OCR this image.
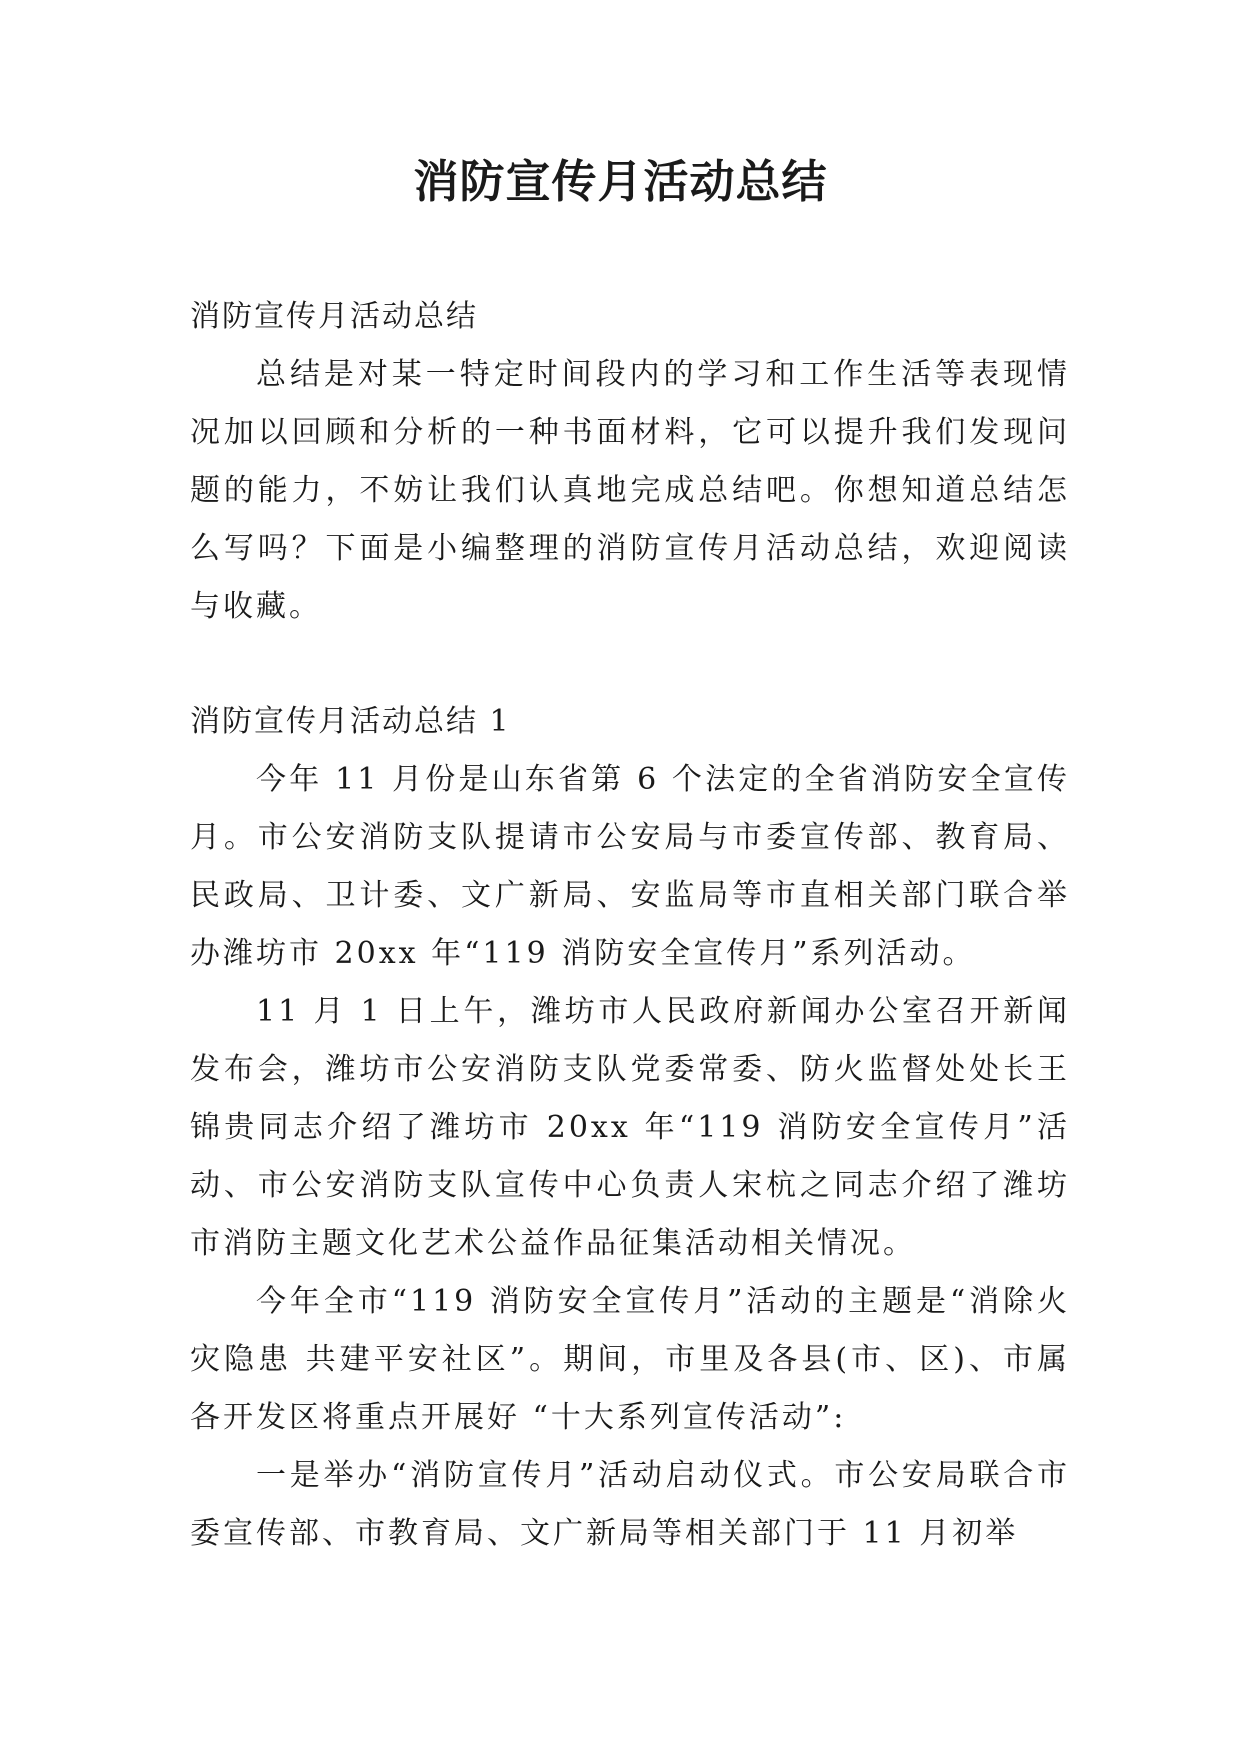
消防宣传月活动总结

消防宣传月活动总结

总结是对某一特定时间段内的学习和工作生活等表现情况加以回顾和分析的一种书面材料，它可以提升我们发现问题的能力，不妨让我们认真地完成总结吧。你想知道总结怎么写吗？下面是小编整理的消防宣传月活动总结，欢迎阅读与收藏。

消防宣传月活动总结 1

今年 11 月份是山东省第 6 个法定的全省消防安全宣传月。市公安消防支队提请市公安局与市委宣传部、教育局、民政局、卫计委、文广新局、安监局等市直相关部门联合举办潍坊市 20xx 年“119 消防安全宣传月”系列活动。

11 月 1 日上午，潍坊市人民政府新闻办公室召开新闻发布会，潍坊市公安消防支队党委常委、防火监督处处长王锦贵同志介绍了潍坊市 20xx 年“119 消防安全宣传月”活动、市公安消防支队宣传中心负责人宋杭之同志介绍了潍坊市消防主题文化艺术公益作品征集活动相关情况。

今年全市“119 消防安全宣传月”活动的主题是“消除火灾隐患 共建平安社区”。期间，市里及各县(市、区)、市属各开发区将重点开展好 “十大系列宣传活动”:

一是举办“消防宣传月”活动启动仪式。市公安局联合市委宣传部、市教育局、文广新局等相关部门于 11 月初举
